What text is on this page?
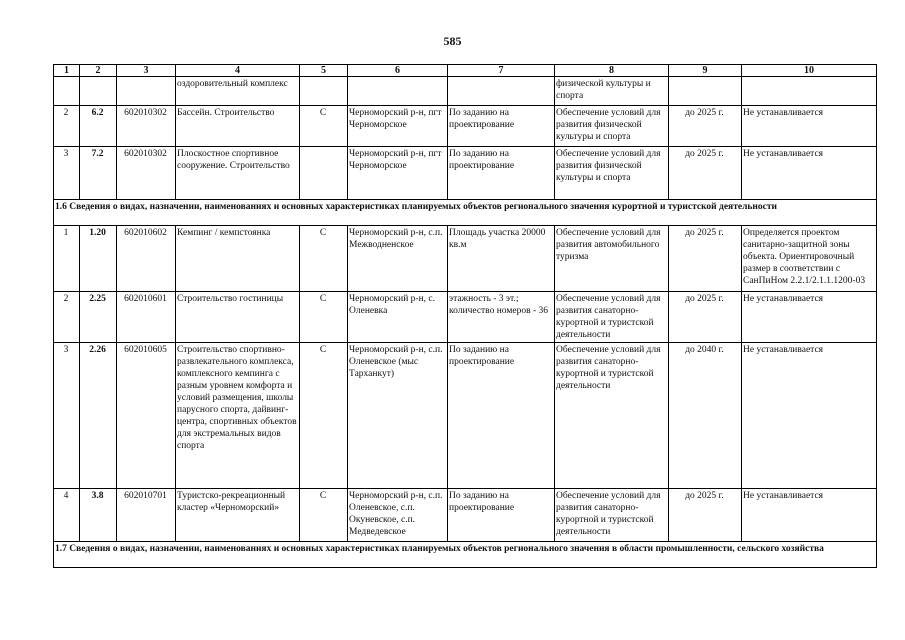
585
1	2	3	4	5	6	7	8	9	10
			оздоровительный комплекс				физической культуры и спорта		
2	6.2	602010302	Бассейн. Строительство	С	Черноморский р-н, пгт Черноморское	По заданию на проектирование	Обеспечение условий для развития физической культуры и спорта	до 2025 г.	Не устанавливается
3	7.2	602010302	Плоскостное спортивное сооружение. Строительство		Черноморский р-н, пгт Черноморское	По заданию на проектирование	Обеспечение условий для развития физической культуры и спорта	до 2025 г.	Не устанавливается
1.6 Сведения о видах, назначении, наименованиях и основных характеристиках планируемых объектов регионального значения курортной и туристской деятельности									
1	1.20	602010602	Кемпинг / кемпстоянка	С	Черноморский р-н, с.п. Межводненское	Площадь участка 20000 кв.м	Обеспечение условий для развития автомобильного туризма	до 2025 г.	Определяется проектом санитарно-защитной зоны объекта. Ориентировочный размер в соответствии с СанПиНом 2.2.1/2.1.1.1200-03
2	2.25	602010601	Строительство гостиницы	С	Черноморский р-н, с. Оленевка	этажность - 3 эт.; количество номеров - 36	Обеспечение условий для развития санаторно-курортной и туристской деятельности	до 2025 г.	Не устанавливается
3	2.26	602010605	Строительство спортивно-развлекательного комплекса, комплексного кемпинга с разным уровнем комфорта и условий размещения, школы парусного спорта, дайвинг-центра, спортивных объектов для экстремальных видов спорта	С	Черноморский р-н, с.п. Оленевское (мыс Тарханкут)	По заданию на проектирование	Обеспечение условий для развития санаторно-курортной и туристской деятельности	до 2040 г.	Не устанавливается
4	3.8	602010701	Туристско-рекреационный кластер «Черноморский»	С	Черноморский р-н, с.п. Оленевское, с.п. Окуневское, с.п. Медведевское	По заданию на проектирование	Обеспечение условий для развития санаторно-курортной и туристской деятельности	до 2025 г.	Не устанавливается
1.7 Сведения о видах, назначении, наименованиях и основных характеристиках планируемых объектов регионального значения в области промышленности, сельского хозяйства									
